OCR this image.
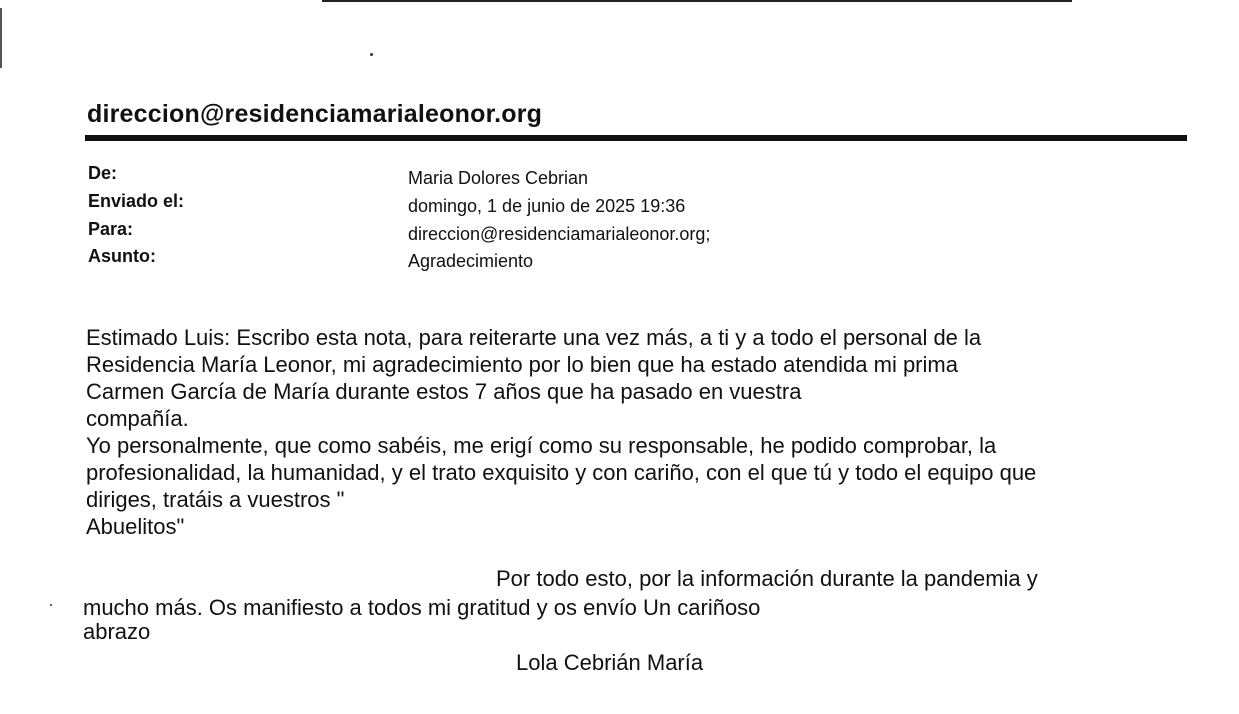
direccion@residenciamarialeonor.org
De:	Maria Dolores Cebrian
Enviado el:	domingo, 1 de junio de 2025 19:36
Para:	direccion@residenciamarialeonor.org;
Asunto:	Agradecimiento
Estimado Luis: Escribo esta nota, para reiterarte una vez más, a ti y a todo el personal de la
Residencia María Leonor, mi agradecimiento por lo bien que ha estado atendida mi prima
Carmen García de María durante estos 7 años que ha pasado en vuestra
compañía.
Yo personalmente, que como sabéis, me erigí como su responsable, he podido comprobar, la
profesionalidad, la humanidad, y el trato exquisito y con cariño, con el que tú y todo el equipo que
diriges, tratáis a vuestros "
Abuelitos"
Por todo esto, por la información durante la pandemia y
mucho más. Os manifiesto a todos mi gratitud y os envío Un cariñoso
abrazo
Lola Cebrián María
